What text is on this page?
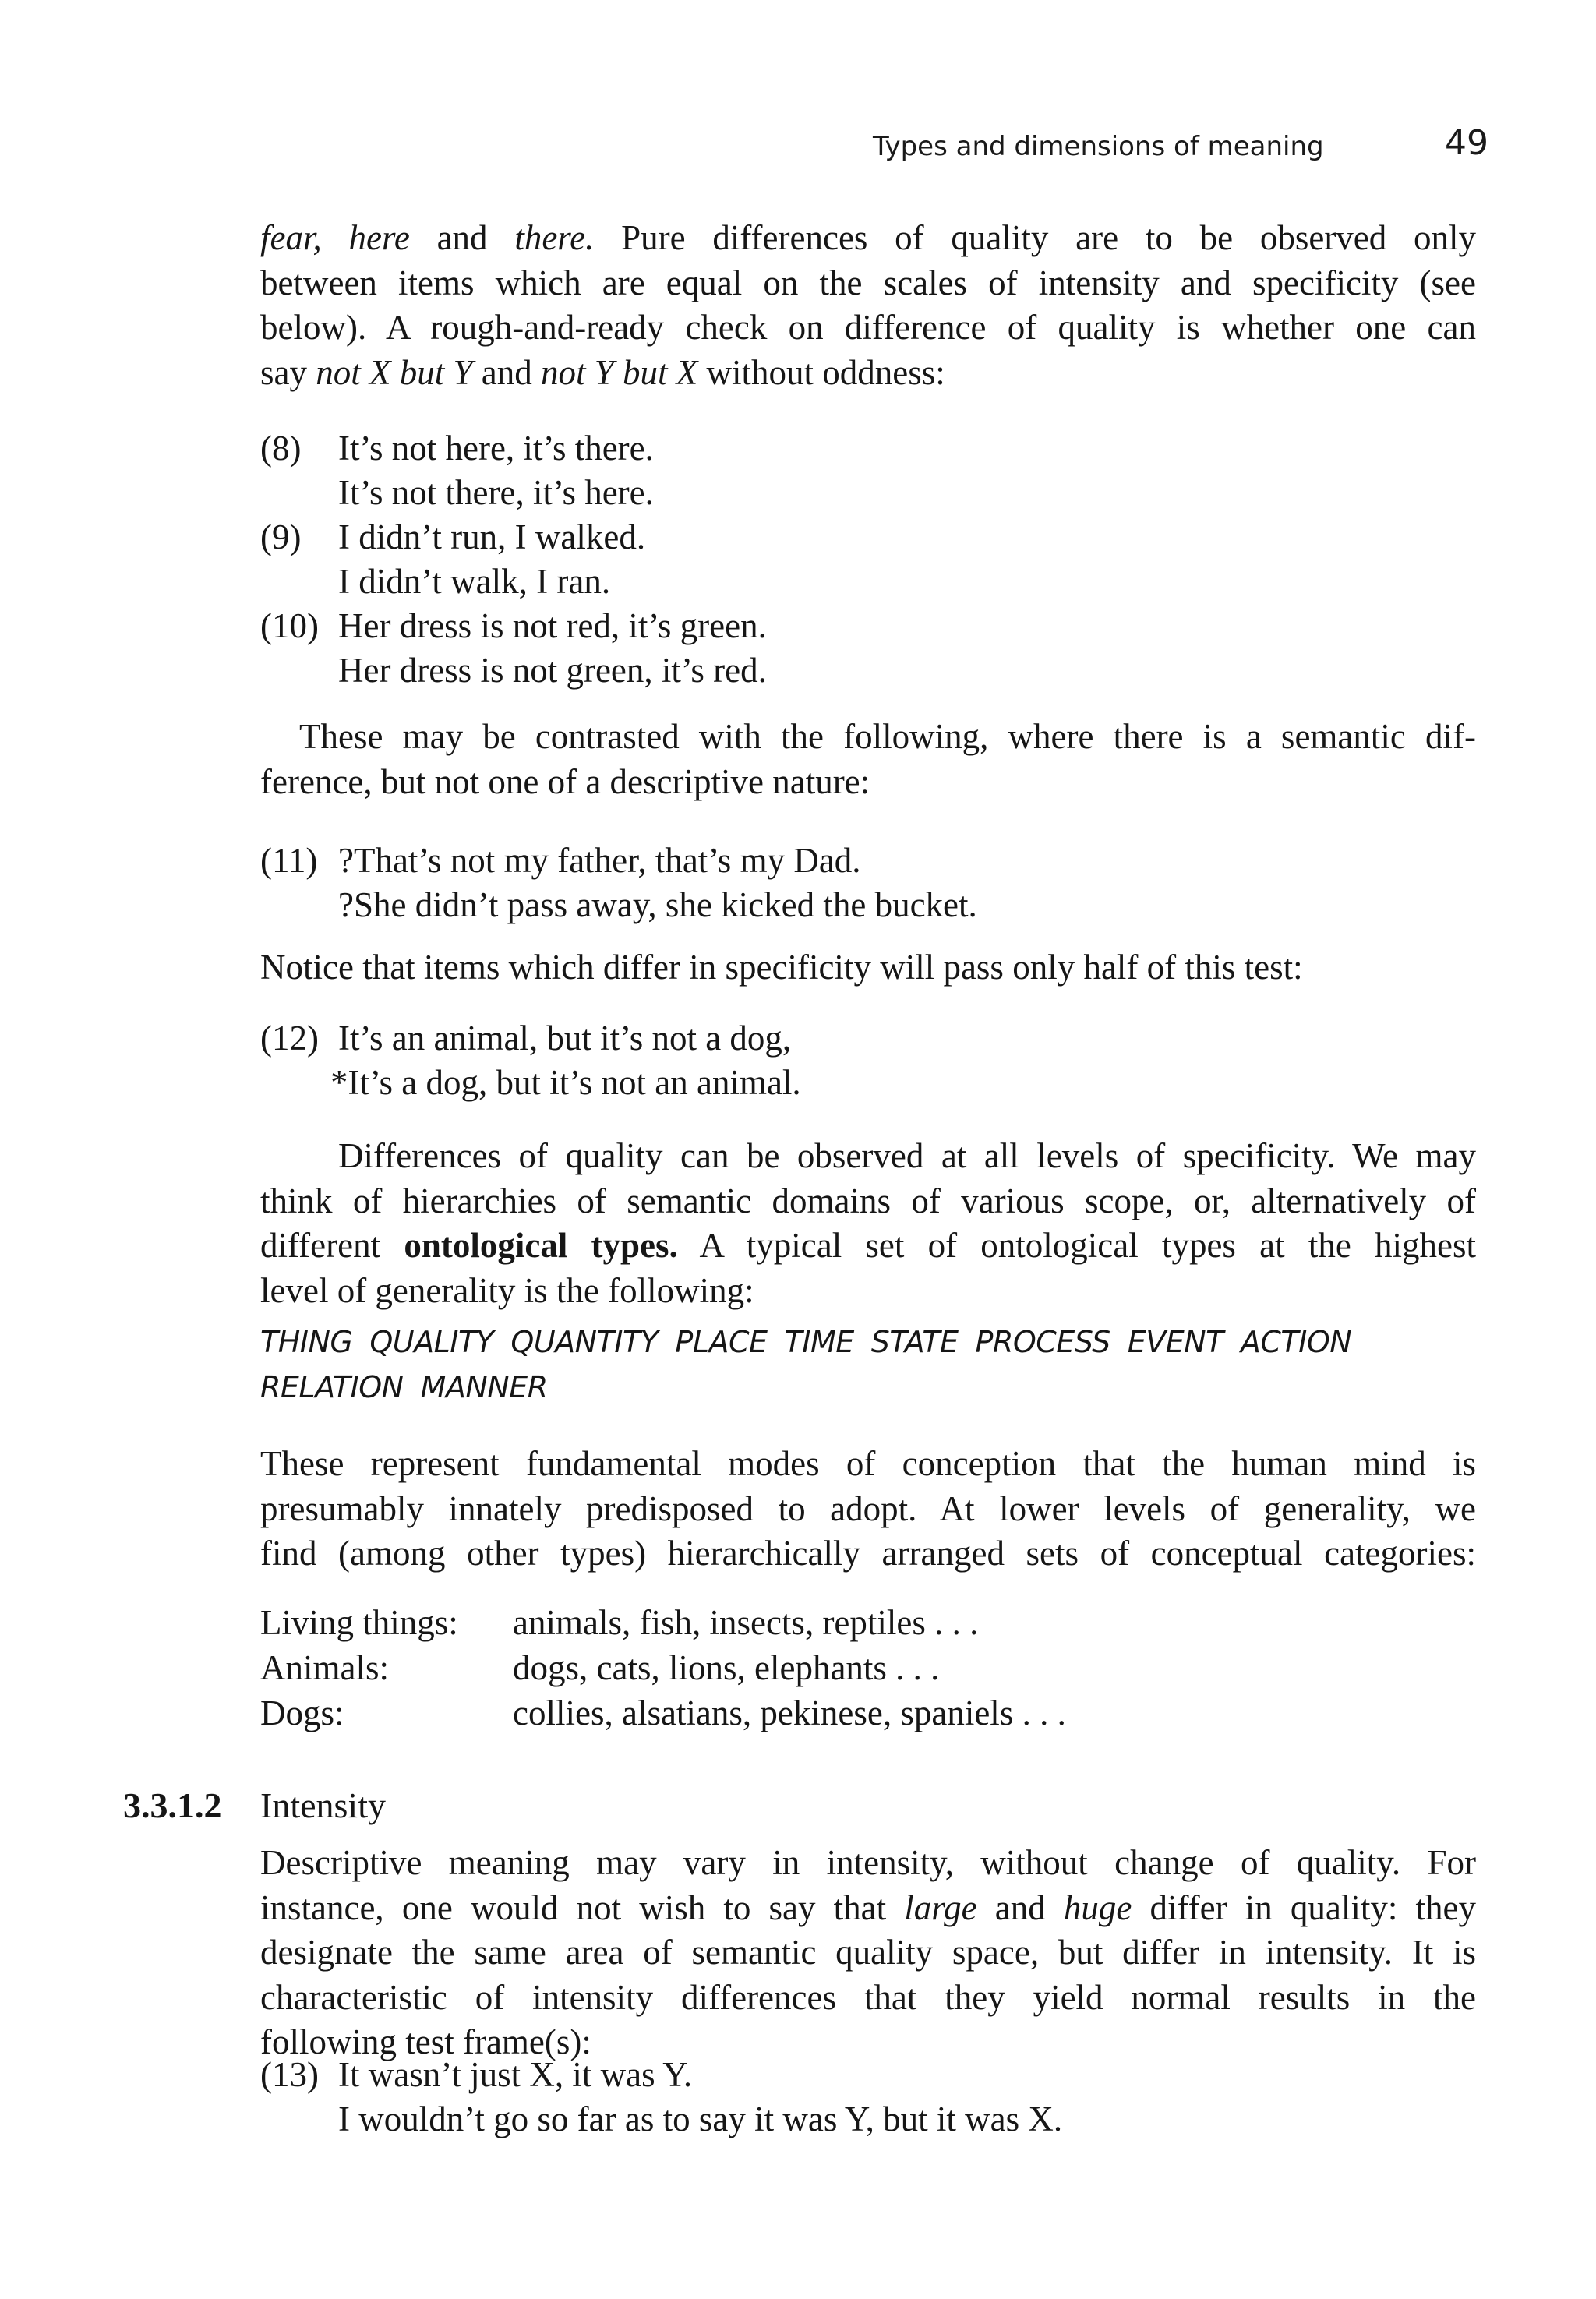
Types and dimensions of meaning	49
fear, here and there. Pure differences of quality are to be observed only
between items which are equal on the scales of intensity and specificity (see
below). A rough-and-ready check on difference of quality is whether one can
say not X but Y and not Y but X without oddness:
(8)	It’s not here, it’s there.
It’s not there, it’s here.
(9)	I didn’t run, I walked.
I didn’t walk, I ran.
(10) Her dress is not red, it’s green.
Her dress is not green, it’s red.
These may be contrasted with the following, where there is a semantic dif-
ference, but not one of a descriptive nature:
(11) ?That’s not my father, that’s my Dad.
?She didn’t pass away, she kicked the bucket.
Notice that items which differ in specificity will pass only half of this test:
(12) It’s an animal, but it’s not a dog,
*It’s a dog, but it’s not an animal.
Differences of quality can be observed at all levels of specificity. We may
think of hierarchies of semantic domains of various scope, or, alternatively of
different ontological types. A typical set of ontological types at the highest
level of generality is the following:
THING QUALITY QUANTITY PLACE TIME STATE PROCESS EVENT ACTION
RELATION MANNER
These represent fundamental modes of conception that the human mind is
presumably innately predisposed to adopt. At lower levels of generality, we
find (among other types) hierarchically arranged sets of conceptual categories:
Living things:	animals, fish, insects, reptiles . . .
Animals:	dogs, cats, lions, elephants . . .
Dogs:	collies, alsatians, pekinese, spaniels . . .
3.3.1.2 Intensity
Descriptive meaning may vary in intensity, without change of quality. For
instance, one would not wish to say that large and huge differ in quality: they
designate the same area of semantic quality space, but differ in intensity. It is
characteristic of intensity differences that they yield normal results in the
following test frame(s):
(13) It wasn’t just X, it was Y.
I wouldn’t go so far as to say it was Y, but it was X.
